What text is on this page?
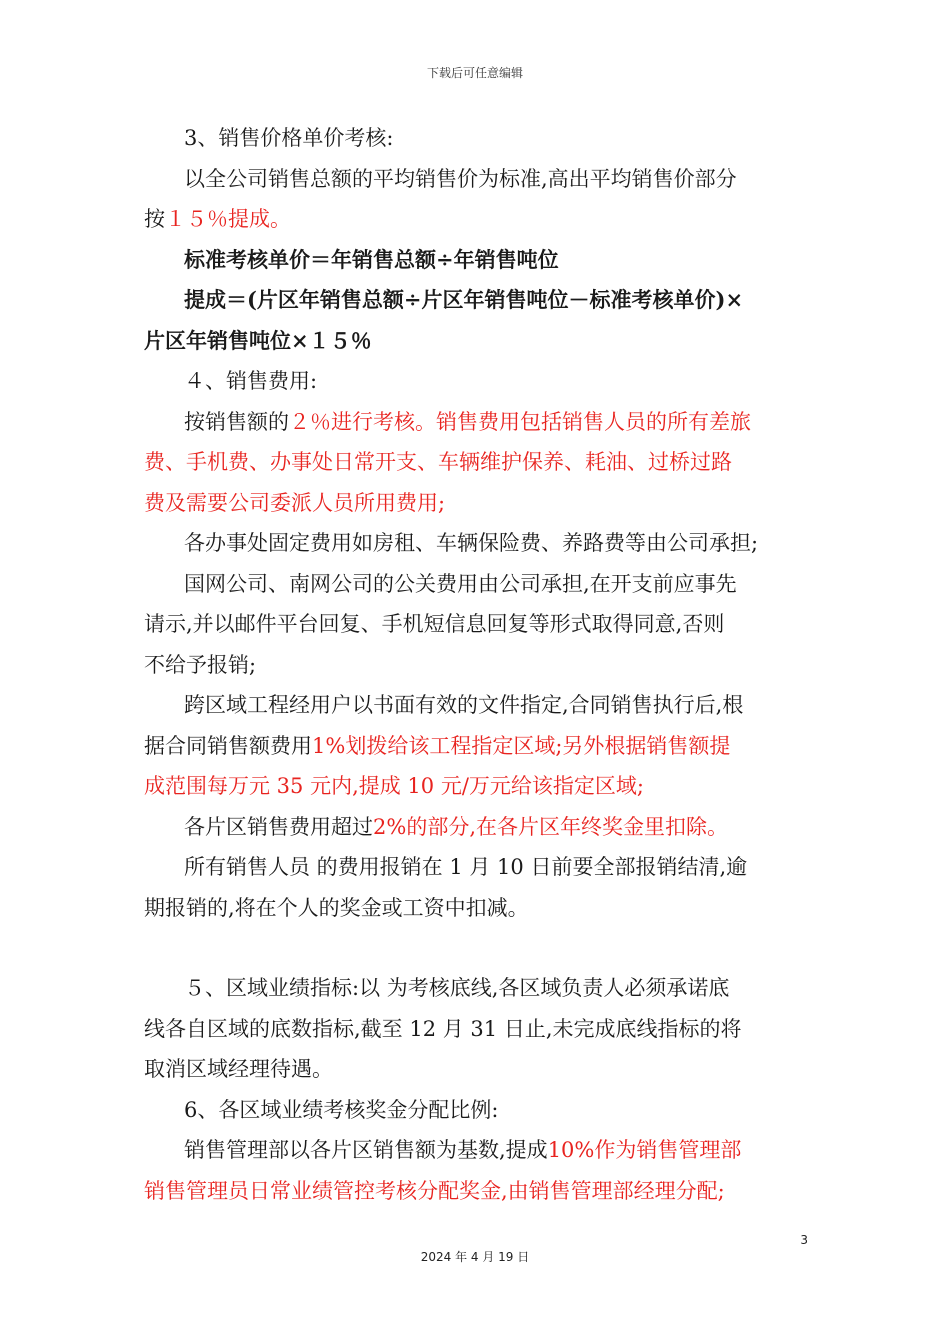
下载后可任意编辑
3、销售价格单价考核:
以全公司销售总额的平均销售价为标准,高出平均销售价部分
按１５％提成。
标准考核单价＝年销售总额÷年销售吨位
提成＝(片区年销售总额÷片区年销售吨位－标准考核单价)×
片区年销售吨位×１５％
４、销售费用:
按销售额的２％进行考核。销售费用包括销售人员的所有差旅
费、手机费、办事处日常开支、车辆维护保养、耗油、过桥过路
费及需要公司委派人员所用费用;
各办事处固定费用如房租、车辆保险费、养路费等由公司承担;
国网公司、南网公司的公关费用由公司承担,在开支前应事先
请示,并以邮件平台回复、手机短信息回复等形式取得同意,否则
不给予报销;
跨区域工程经用户以书面有效的文件指定,合同销售执行后,根
据合同销售额费用1%划拨给该工程指定区域;另外根据销售额提
成范围每万元 35 元内,提成 10 元/万元给该指定区域;
各片区销售费用超过2%的部分,在各片区年终奖金里扣除。
所有销售人员 的费用报销在 1 月 10 日前要全部报销结清,逾
期报销的,将在个人的奖金或工资中扣减。
５、区域业绩指标:以 为考核底线,各区域负责人必须承诺底
线各自区域的底数指标,截至 12 月 31 日止,未完成底线指标的将
取消区域经理待遇。
6、各区域业绩考核奖金分配比例:
销售管理部以各片区销售额为基数,提成10%作为销售管理部
销售管理员日常业绩管控考核分配奖金,由销售管理部经理分配;
3
2024 年 4 月 19 日
